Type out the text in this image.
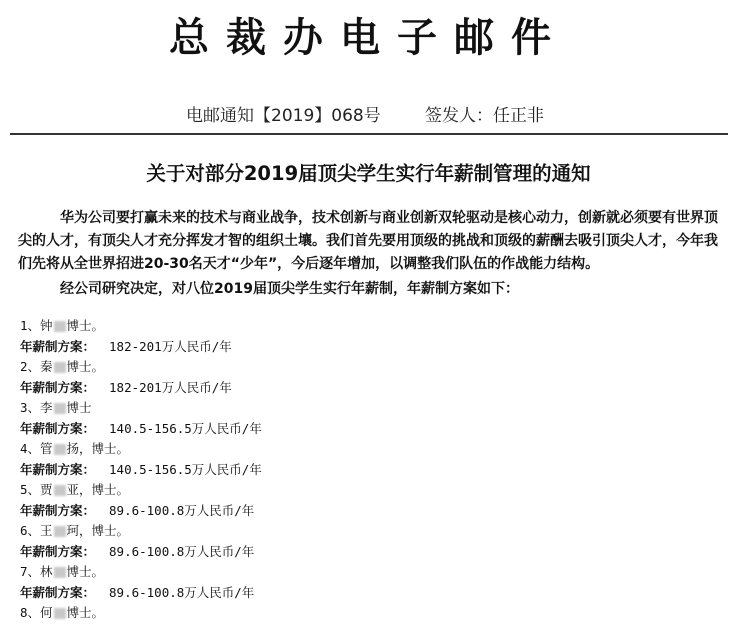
总裁办电子邮件
电邮通知【2019】068号	签发人：任正非
关于对部分2019届顶尖学生实行年薪制管理的通知
华为公司要打赢未来的技术与商业战争，技术创新与商业创新双轮驱动是核心动力，创新就必须要有世界顶尖的人才，有顶尖人才充分挥发才智的组织土壤。我们首先要用顶级的挑战和顶级的薪酬去吸引顶尖人才，今年我们先将从全世界招进20-30名天才“少年”，今后逐年增加，以调整我们队伍的作战能力结构。
经公司研究决定，对八位2019届顶尖学生实行年薪制，年薪制方案如下：
1、钟 博士。
年薪制方案： 182-201万人民币/年
2、秦 博士。
年薪制方案： 182-201万人民币/年
3、李 博士
年薪制方案： 140.5-156.5万人民币/年
4、管 扬，博士。
年薪制方案： 140.5-156.5万人民币/年
5、贾 亚，博士。
年薪制方案： 89.6-100.8万人民币/年
6、王 珂，博士。
年薪制方案： 89.6-100.8万人民币/年
7、林 博士。
年薪制方案： 89.6-100.8万人民币/年
8、何 博士。
